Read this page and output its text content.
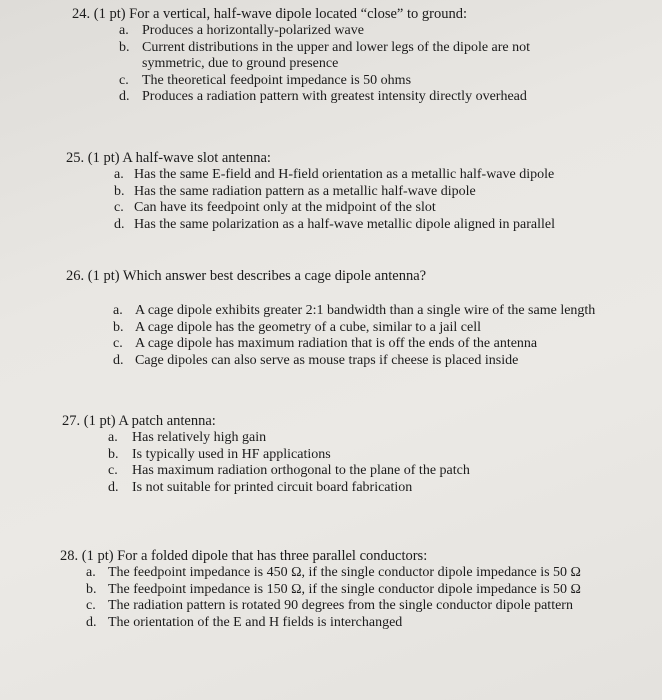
24. (1 pt) For a vertical, half-wave dipole located “close” to ground:
a. Produces a horizontally-polarized wave
b. Current distributions in the upper and lower legs of the dipole are not symmetric, due to ground presence
c. The theoretical feedpoint impedance is 50 ohms
d. Produces a radiation pattern with greatest intensity directly overhead
25. (1 pt) A half-wave slot antenna:
a. Has the same E-field and H-field orientation as a metallic half-wave dipole
b. Has the same radiation pattern as a metallic half-wave dipole
c. Can have its feedpoint only at the midpoint of the slot
d. Has the same polarization as a half-wave metallic dipole aligned in parallel
26. (1 pt) Which answer best describes a cage dipole antenna?
a. A cage dipole exhibits greater 2:1 bandwidth than a single wire of the same length
b. A cage dipole has the geometry of a cube, similar to a jail cell
c. A cage dipole has maximum radiation that is off the ends of the antenna
d. Cage dipoles can also serve as mouse traps if cheese is placed inside
27. (1 pt) A patch antenna:
a. Has relatively high gain
b. Is typically used in HF applications
c. Has maximum radiation orthogonal to the plane of the patch
d. Is not suitable for printed circuit board fabrication
28. (1 pt) For a folded dipole that has three parallel conductors:
a. The feedpoint impedance is 450 Ω, if the single conductor dipole impedance is 50 Ω
b. The feedpoint impedance is 150 Ω, if the single conductor dipole impedance is 50 Ω
c. The radiation pattern is rotated 90 degrees from the single conductor dipole pattern
d. The orientation of the E and H fields is interchanged
